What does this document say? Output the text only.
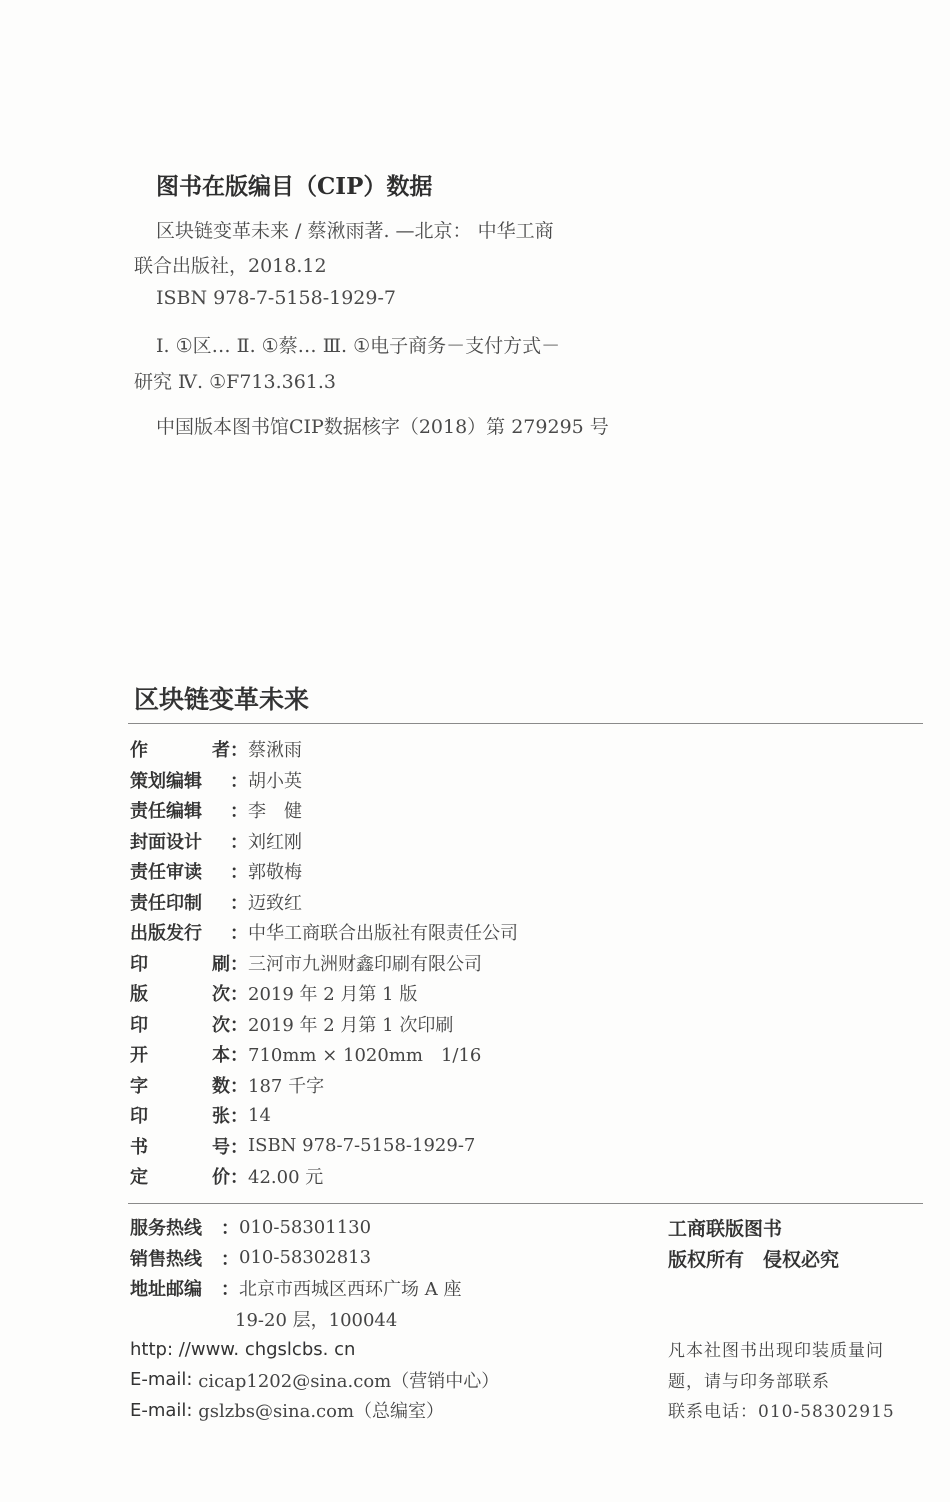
图书在版编目（CIP）数据
区块链变革未来 / 蔡湫雨著. —北京： 中华工商
联合出版社，2018.12
ISBN 978-7-5158-1929-7
Ⅰ. ①区… Ⅱ. ①蔡… Ⅲ. ①电子商务－支付方式－
研究 Ⅳ. ①F713.361.3
中国版本图书馆CIP数据核字（2018）第 279295 号
区块链变革未来
作	者 ： 蔡湫雨
策划编辑 ： 胡小英
责任编辑 ： 李　健
封面设计 ： 刘红刚
责任审读 ： 郭敬梅
责任印制 ： 迈致红
出版发行 ： 中华工商联合出版社有限责任公司
印	刷 ： 三河市九洲财鑫印刷有限公司
版	次 ： 2019 年 2 月第 1 版
印	次 ： 2019 年 2 月第 1 次印刷
开	本 ： 710mm × 1020mm　1/16
字	数 ： 187 千字
印	张 ： 14
书	号 ： ISBN 978-7-5158-1929-7
定	价 ： 42.00 元
服务热线	： 010-58301130
销售热线	： 010-58302813
地址邮编	： 北京市西城区西环广场 A 座
19-20 层，100044
http: //www. chgslcbs. cn
E-mail:
cicap1202@sina.com（营销中心）
E-mail:
gslzbs@sina.com（总编室）
工商联版图书
版权所有　侵权必究
凡本社图书出现印装质量问
题，请与印务部联系
联系电话：010-58302915
